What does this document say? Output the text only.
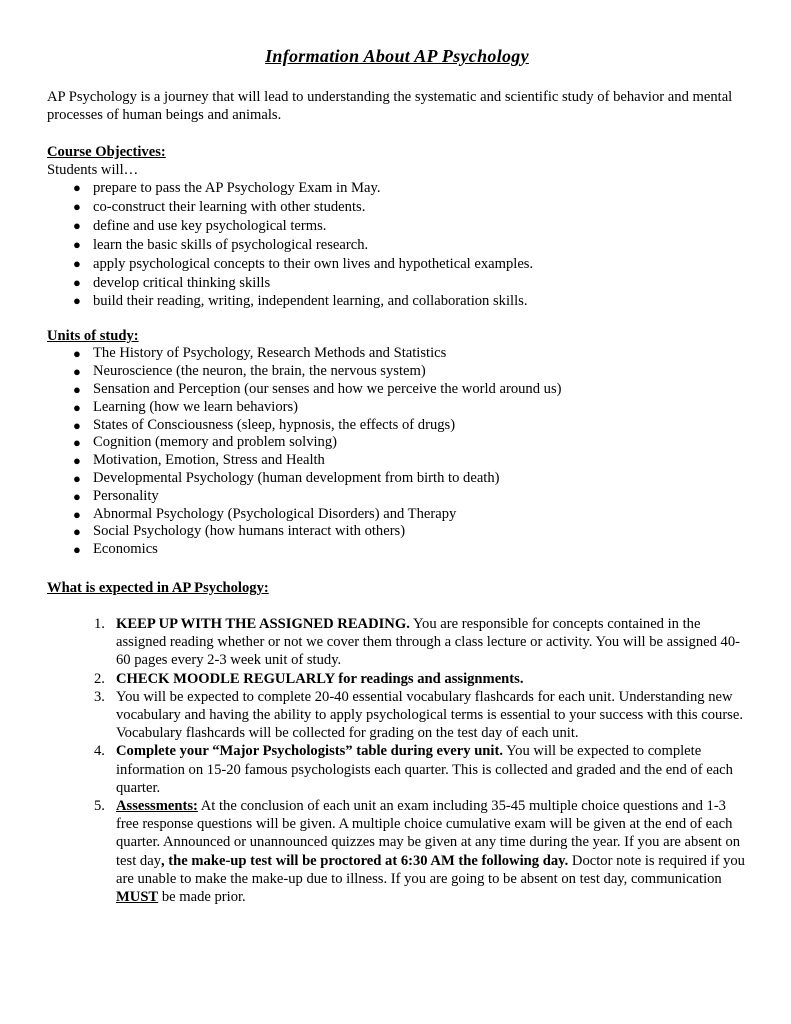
Information About AP Psychology

AP Psychology is a journey that will lead to understanding the systematic and scientific study of behavior and mental processes of human beings and animals.

Course Objectives:

Students will…

● prepare to pass the AP Psychology Exam in May.
● co-construct their learning with other students.
● define and use key psychological terms.
● learn the basic skills of psychological research.
● apply psychological concepts to their own lives and hypothetical examples.
● develop critical thinking skills
● build their reading, writing, independent learning, and collaboration skills.

Units of study:

● The History of Psychology, Research Methods and Statistics
● Neuroscience (the neuron, the brain, the nervous system)
● Sensation and Perception (our senses and how we perceive the world around us)
● Learning (how we learn behaviors)
● States of Consciousness (sleep, hypnosis, the effects of drugs)
● Cognition (memory and problem solving)
● Motivation, Emotion, Stress and Health
● Developmental Psychology (human development from birth to death)
● Personality
● Abnormal Psychology (Psychological Disorders) and Therapy
● Social Psychology (how humans interact with others)
● Economics

What is expected in AP Psychology:

1. KEEP UP WITH THE ASSIGNED READING. You are responsible for concepts contained in the assigned reading whether or not we cover them through a class lecture or activity. You will be assigned 40-60 pages every 2-3 week unit of study.
2. CHECK MOODLE REGULARLY for readings and assignments.
3. You will be expected to complete 20-40 essential vocabulary flashcards for each unit. Understanding new vocabulary and having the ability to apply psychological terms is essential to your success with this course. Vocabulary flashcards will be collected for grading on the test day of each unit.
4. Complete your “Major Psychologists” table during every unit. You will be expected to complete information on 15-20 famous psychologists each quarter. This is collected and graded and the end of each quarter.
5. Assessments: At the conclusion of each unit an exam including 35-45 multiple choice questions and 1-3 free response questions will be given. A multiple choice cumulative exam will be given at the end of each quarter. Announced or unannounced quizzes may be given at any time during the year. If you are absent on test day, the make-up test will be proctored at 6:30 AM the following day. Doctor note is required if you are unable to make the make-up due to illness. If you are going to be absent on test day, communication MUST be made prior.
